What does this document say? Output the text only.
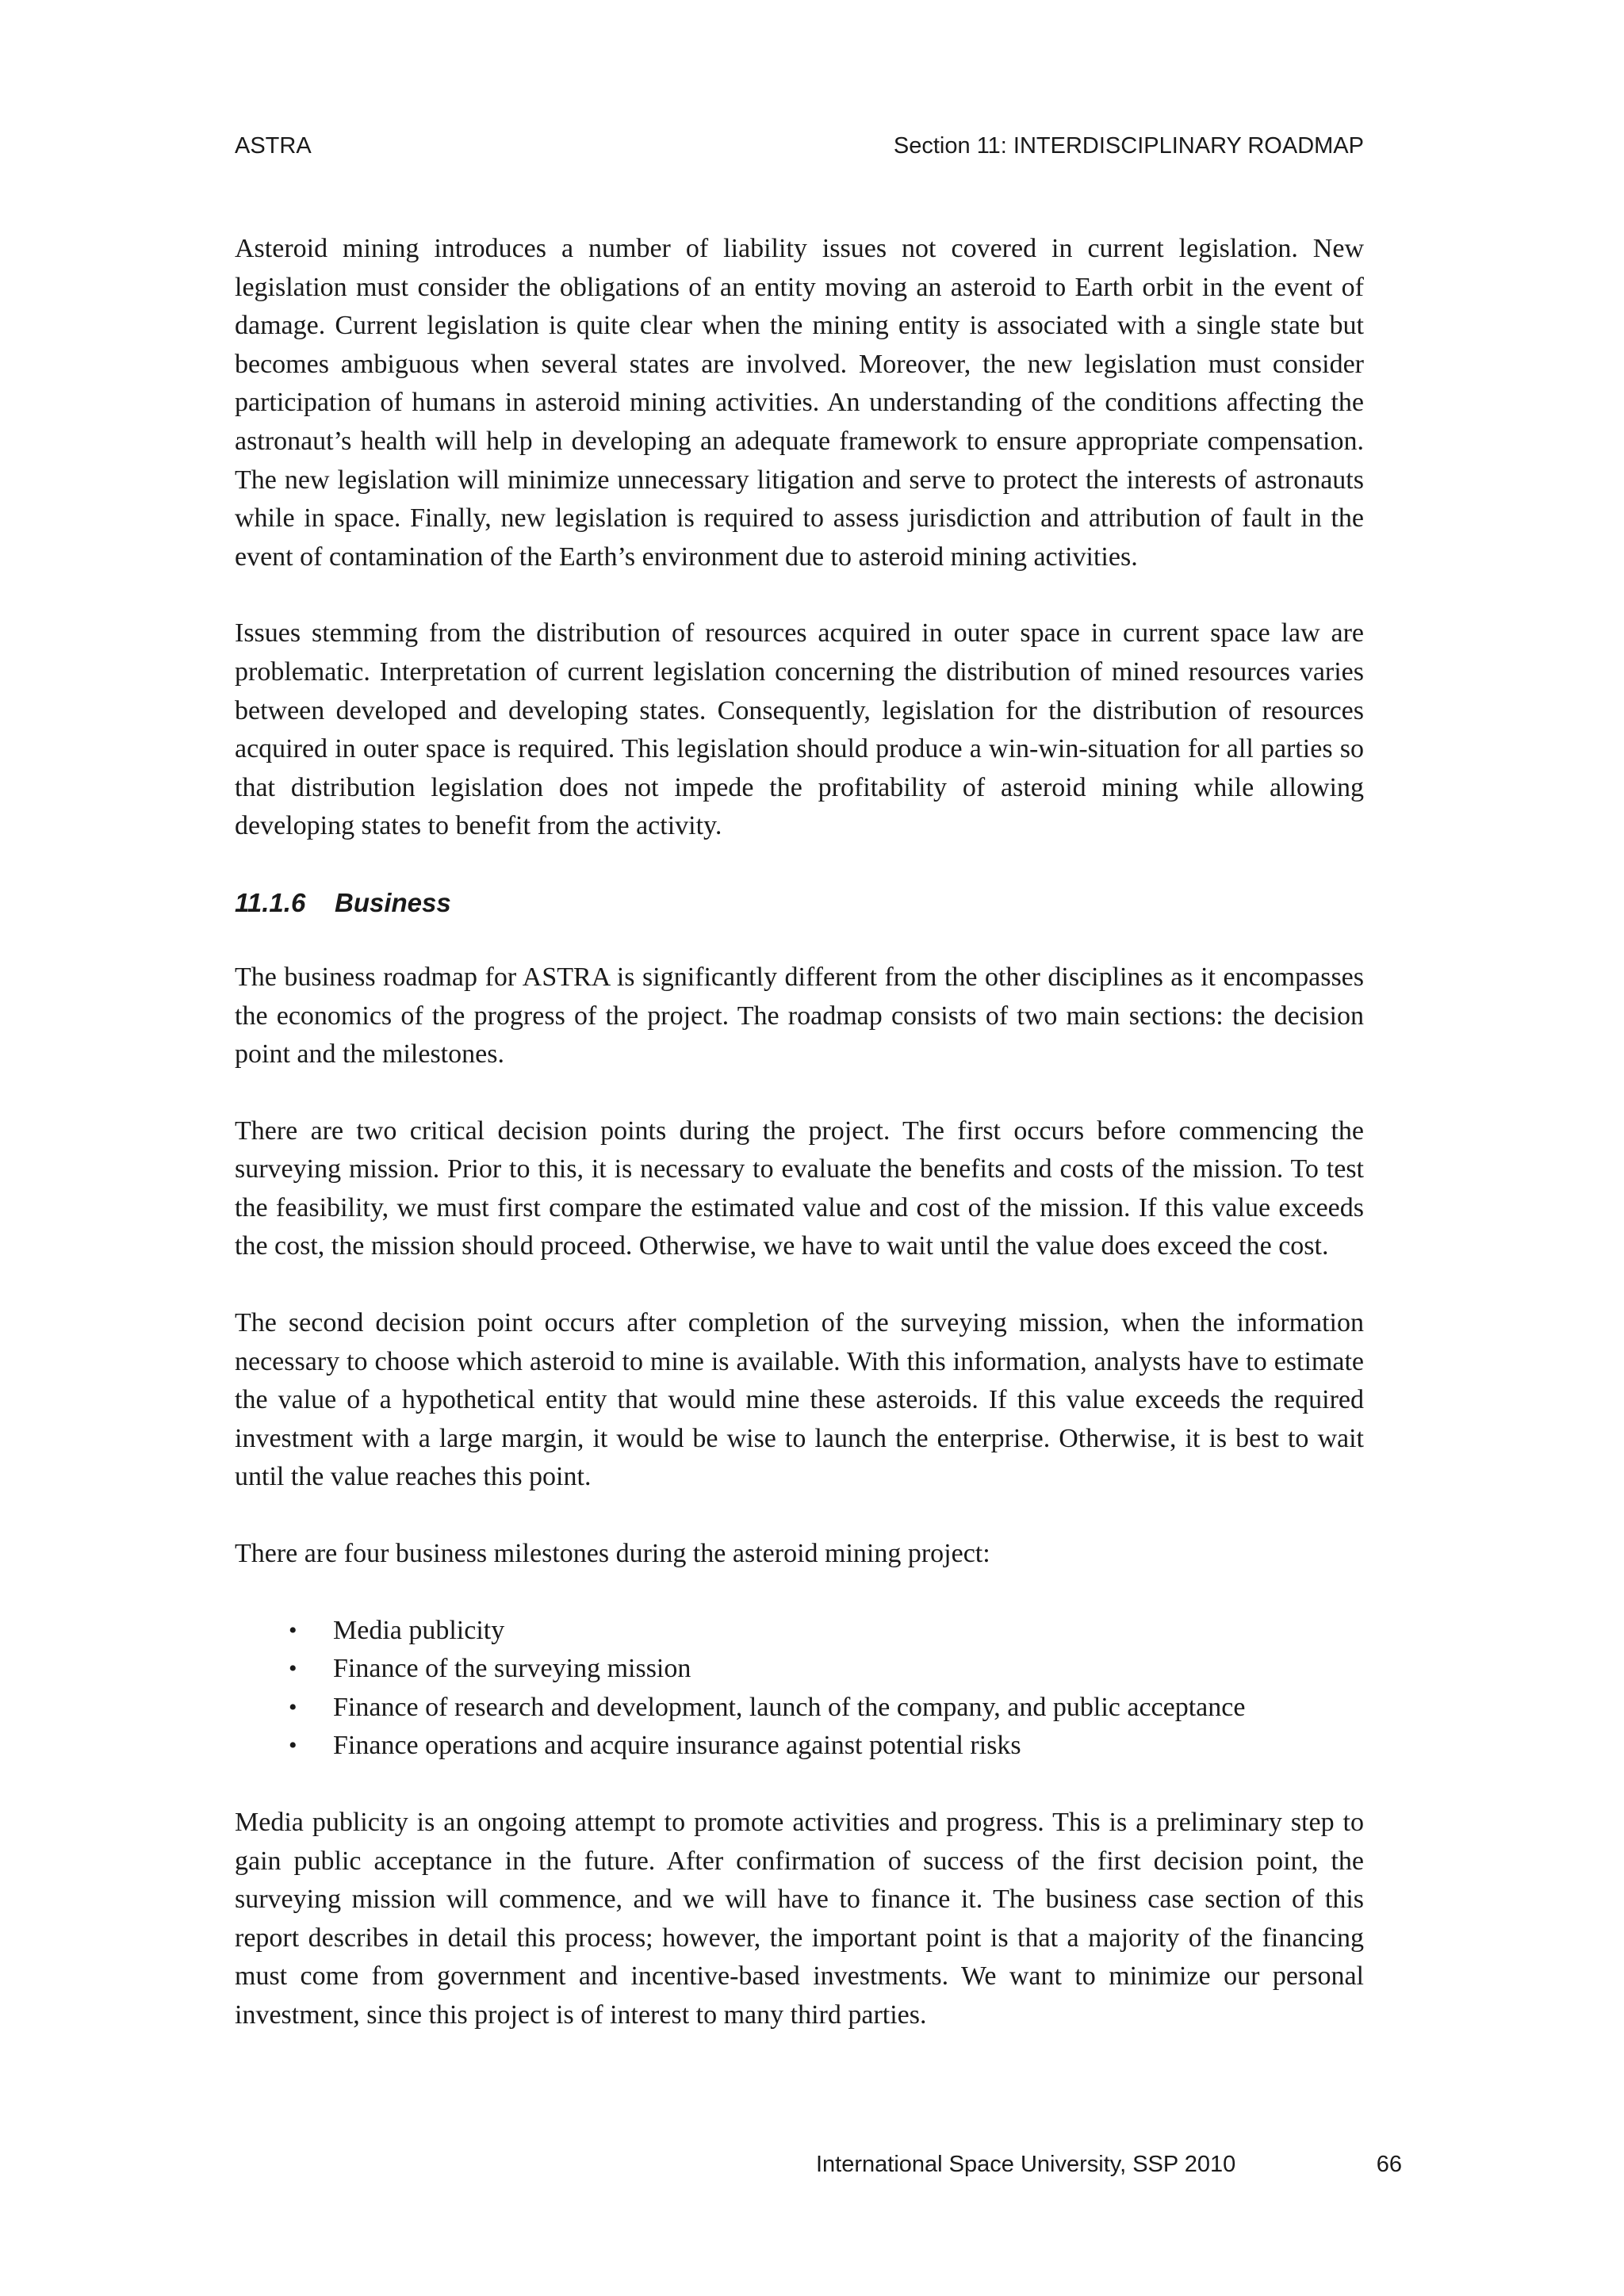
ASTRA	Section 11: INTERDISCIPLINARY ROADMAP

Asteroid mining introduces a number of liability issues not covered in current legislation. New legislation must consider the obligations of an entity moving an asteroid to Earth orbit in the event of damage. Current legislation is quite clear when the mining entity is associated with a single state but becomes ambiguous when several states are involved. Moreover, the new legislation must consider participation of humans in asteroid mining activities. An understanding of the conditions affecting the astronaut’s health will help in developing an adequate framework to ensure appropriate compensation. The new legislation will minimize unnecessary litigation and serve to protect the interests of astronauts while in space. Finally, new legislation is required to assess jurisdiction and attribution of fault in the event of contamination of the Earth’s environment due to asteroid mining activities.

Issues stemming from the distribution of resources acquired in outer space in current space law are problematic. Interpretation of current legislation concerning the distribution of mined resources varies between developed and developing states. Consequently, legislation for the distribution of resources acquired in outer space is required. This legislation should produce a win-win-situation for all parties so that distribution legislation does not impede the profitability of asteroid mining while allowing developing states to benefit from the activity.

11.1.6 Business

The business roadmap for ASTRA is significantly different from the other disciplines as it encompasses the economics of the progress of the project. The roadmap consists of two main sections: the decision point and the milestones.

There are two critical decision points during the project. The first occurs before commencing the surveying mission. Prior to this, it is necessary to evaluate the benefits and costs of the mission. To test the feasibility, we must first compare the estimated value and cost of the mission. If this value exceeds the cost, the mission should proceed. Otherwise, we have to wait until the value does exceed the cost.

The second decision point occurs after completion of the surveying mission, when the information necessary to choose which asteroid to mine is available. With this information, analysts have to estimate the value of a hypothetical entity that would mine these asteroids. If this value exceeds the required investment with a large margin, it would be wise to launch the enterprise. Otherwise, it is best to wait until the value reaches this point.

There are four business milestones during the asteroid mining project:

• Media publicity
• Finance of the surveying mission
• Finance of research and development, launch of the company, and public acceptance
• Finance operations and acquire insurance against potential risks

Media publicity is an ongoing attempt to promote activities and progress. This is a preliminary step to gain public acceptance in the future. After confirmation of success of the first decision point, the surveying mission will commence, and we will have to finance it. The business case section of this report describes in detail this process; however, the important point is that a majority of the financing must come from government and incentive-based investments. We want to minimize our personal investment, since this project is of interest to many third parties.

International Space University, SSP 2010	66
